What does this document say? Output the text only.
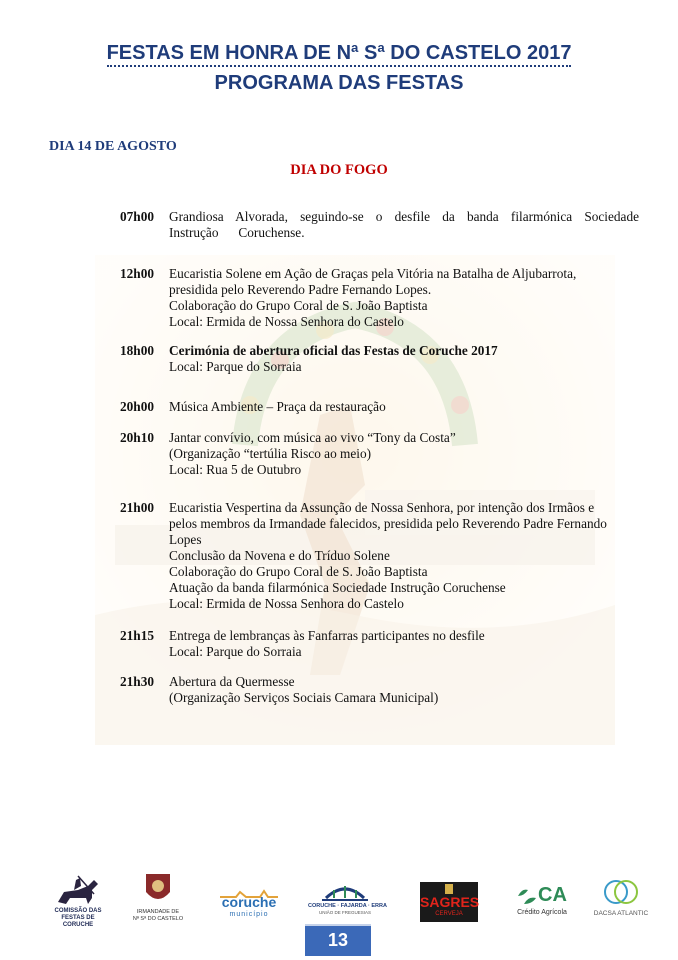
FESTAS EM HONRA DE Nª Sª DO CASTELO 2017
PROGRAMA DAS FESTAS
DIA 14 DE AGOSTO
DIA DO FOGO
07h00 Grandiosa Alvorada, seguindo-se o desfile da banda filarmónica Sociedade
Instrução      Coruchense.
12h00 Eucaristia Solene em Ação de Graças pela Vitória na Batalha de Aljubarrota,
presidida pelo Reverendo Padre Fernando Lopes.
Colaboração do Grupo Coral de S. João Baptista
Local: Ermida de Nossa Senhora do Castelo
18h00 Cerimónia de abertura oficial das Festas de Coruche 2017
Local: Parque do Sorraia
20h00 Música Ambiente – Praça da restauração
20h10 Jantar convívio, com música ao vivo “Tony da Costa”
(Organização “tertúlia Risco ao meio)
Local: Rua 5 de Outubro
21h00 Eucaristia Vespertina da Assunção de Nossa Senhora, por intenção dos Irmãos e
pelos membros da Irmandade falecidos, presidida pelo Reverendo Padre Fernando
Lopes
Conclusão da Novena e do Tríduo Solene
Colaboração do Grupo Coral de S. João Baptista
Atuação da banda filarmónica Sociedade Instrução Coruchense
Local: Ermida de Nossa Senhora do Castelo
21h15 Entrega de lembranças às Fanfarras participantes no desfile
Local: Parque do Sorraia
21h30 Abertura da Quermesse
(Organização Serviços Sociais Camara Municipal)
COMISSÃO DAS FESTAS DE CORUCHE
IRMANDADE DE
Nª Sª DO CASTELO
coruche
município
CORUCHE · FAJARDA · ERRA
UNIÃO DE FREGUESIAS
SAGRES
CERVEJA
CA
Crédito Agrícola	DACSA ATLANTIC
13
